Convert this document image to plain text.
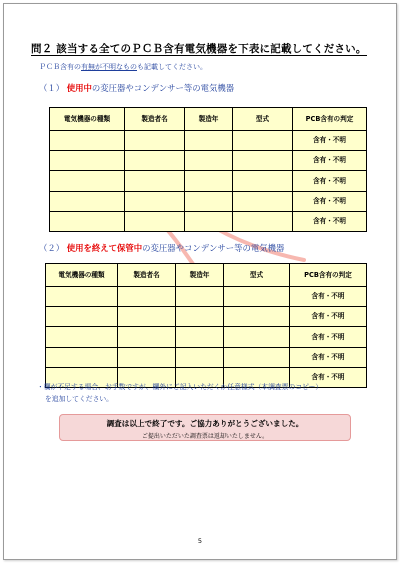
問２ 該当する全てのＰＣＢ含有電気機器を下表に記載してください。
ＰＣＢ含有の有無が不明なものも記載してください。
（１） 使用中の変圧器やコンデンサー等の電気機器
電気機器の種類	製造者名	製造年	型式	PCB含有の判定
				含有・不明
				含有・不明
				含有・不明
				含有・不明
				含有・不明
（２） 使用を終えて保管中の変圧器やコンデンサー等の電気機器
電気機器の種類	製造者名	製造年	型式	PCB含有の判定
				含有・不明
				含有・不明
				含有・不明
				含有・不明
				含有・不明
・欄が不足する場合、お手数ですが、欄外にご記入いただくか任意様式（本調査票のコピー）
を追加してください。
調査は以上で終了です。ご協力ありがとうございました。
ご提出いただいた調査票は返却いたしません。
5
